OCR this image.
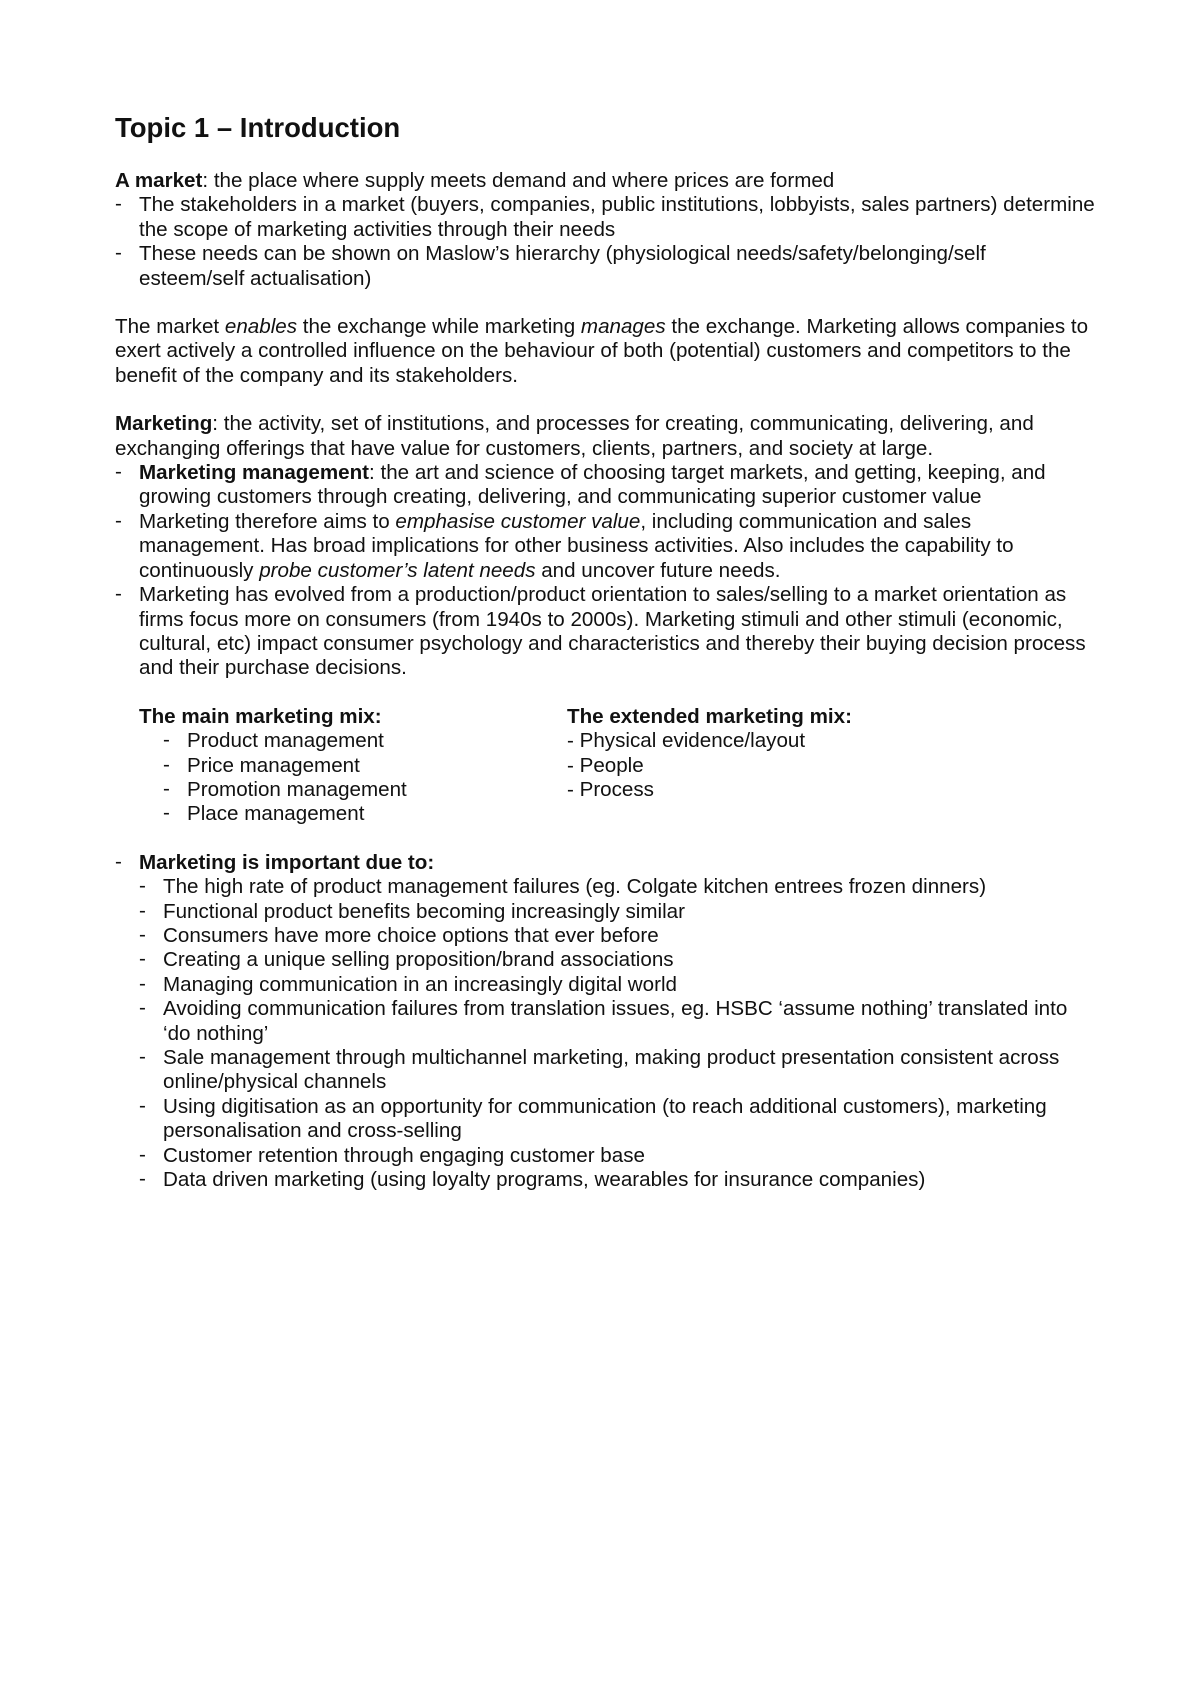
Topic 1 – Introduction

A market: the place where supply meets demand and where prices are formed

- The stakeholders in a market (buyers, companies, public institutions, lobbyists, sales partners) determine the scope of marketing activities through their needs
- These needs can be shown on Maslow’s hierarchy (physiological needs/safety/belonging/self esteem/self actualisation)

The market enables the exchange while marketing manages the exchange. Marketing allows companies to exert actively a controlled influence on the behaviour of both (potential) customers and competitors to the benefit of the company and its stakeholders.

Marketing: the activity, set of institutions, and processes for creating, communicating, delivering, and exchanging offerings that have value for customers, clients, partners, and society at large.

- Marketing management: the art and science of choosing target markets, and getting, keeping, and growing customers through creating, delivering, and communicating superior customer value
- Marketing therefore aims to emphasise customer value, including communication and sales management. Has broad implications for other business activities. Also includes the capability to continuously probe customer’s latent needs and uncover future needs.
- Marketing has evolved from a production/product orientation to sales/selling to a market orientation as firms focus more on consumers (from 1940s to 2000s). Marketing stimuli and other stimuli (economic, cultural, etc) impact consumer psychology and characteristics and thereby their buying decision process and their purchase decisions.
The main marketing mix:
- Product management
- Price management
- Promotion management
- Place management
The extended marketing mix:
- Physical evidence/layout
- People
- Process
- Marketing is important due to:
- The high rate of product management failures (eg. Colgate kitchen entrees frozen dinners)
- Functional product benefits becoming increasingly similar
- Consumers have more choice options that ever before
- Creating a unique selling proposition/brand associations
- Managing communication in an increasingly digital world
- Avoiding communication failures from translation issues, eg. HSBC ‘assume nothing’ translated into ‘do nothing’
- Sale management through multichannel marketing, making product presentation consistent across online/physical channels
- Using digitisation as an opportunity for communication (to reach additional customers), marketing personalisation and cross-selling
- Customer retention through engaging customer base
- Data driven marketing (using loyalty programs, wearables for insurance companies)
